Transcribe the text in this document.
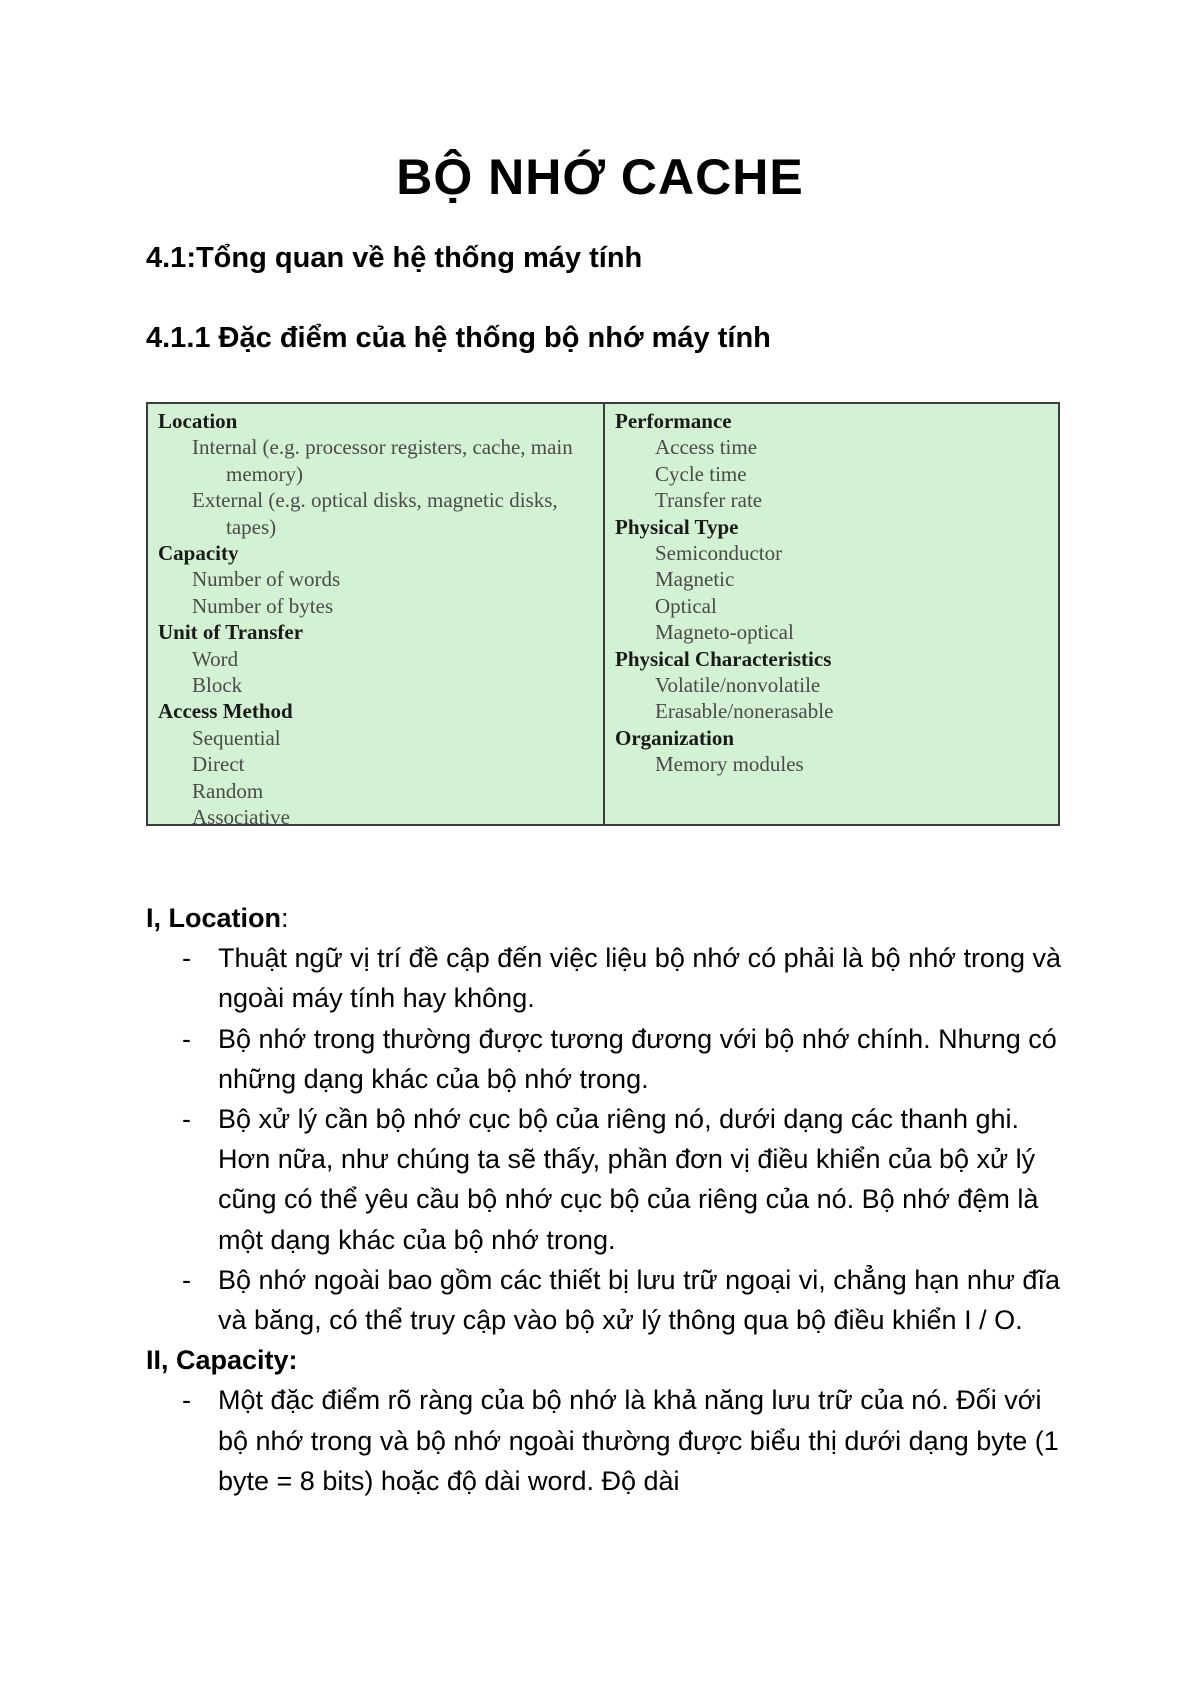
BỘ NHỚ CACHE
4.1:Tổng quan về hệ thống máy tính
4.1.1 Đặc điểm của hệ thống bộ nhớ máy tính
Location
Internal (e.g. processor registers, cache, main memory)
External (e.g. optical disks, magnetic disks, tapes)
Capacity
Number of words
Number of bytes
Unit of Transfer
Word
Block
Access Method
Sequential
Direct
Random
Associative
Performance
Access time
Cycle time
Transfer rate
Physical Type
Semiconductor
Magnetic
Optical
Magneto-optical
Physical Characteristics
Volatile/nonvolatile
Erasable/nonerasable
Organization
Memory modules

I, Location:

- Thuật ngữ vị trí đề cập đến việc liệu bộ nhớ có phải là bộ nhớ trong và ngoài máy tính hay không.
- Bộ nhớ trong thường được tương đương với bộ nhớ chính. Nhưng có những dạng khác của bộ nhớ trong.
- Bộ xử lý cần bộ nhớ cục bộ của riêng nó, dưới dạng các thanh ghi. Hơn nữa, như chúng ta sẽ thấy, phần đơn vị điều khiển của bộ xử lý cũng có thể yêu cầu bộ nhớ cục bộ của riêng của nó. Bộ nhớ đệm là một dạng khác của bộ nhớ trong.
- Bộ nhớ ngoài bao gồm các thiết bị lưu trữ ngoại vi, chẳng hạn như đĩa và băng, có thể truy cập vào bộ xử lý thông qua bộ điều khiển I / O.

II, Capacity:

- Một đặc điểm rõ ràng của bộ nhớ là khả năng lưu trữ của nó. Đối với bộ nhớ trong và bộ nhớ ngoài thường được biểu thị dưới dạng byte (1 byte = 8 bits) hoặc độ dài word. Độ dài
